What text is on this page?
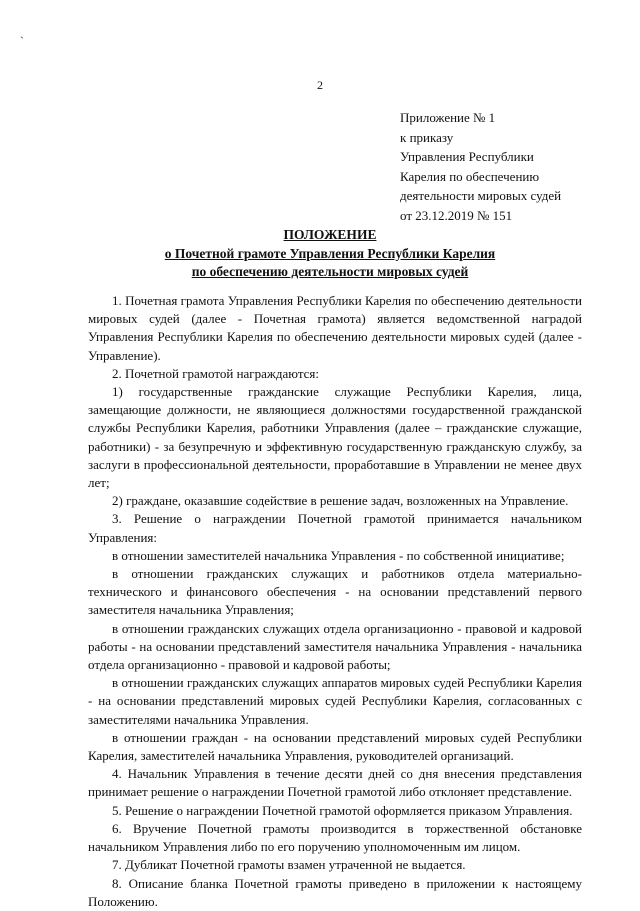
`
2
Приложение № 1
к приказу
Управления Республики
Карелия по обеспечению
деятельности мировых судей
от 23.12.2019 № 151
ПОЛОЖЕНИЕ
о Почетной грамоте Управления Республики Карелия
по обеспечению деятельности мировых судей

1. Почетная грамота Управления Республики Карелия по обеспечению деятельности мировых судей (далее - Почетная грамота) является ведомственной наградой Управления Республики Карелия по обеспечению деятельности мировых судей (далее - Управление).

2. Почетной грамотой награждаются:

1) государственные гражданские служащие Республики Карелия, лица, замещающие должности, не являющиеся должностями государственной гражданской службы Республики Карелия, работники Управления (далее – гражданские служащие, работники) - за безупречную и эффективную государственную гражданскую службу, за заслуги в профессиональной деятельности, проработавшие в Управлении не менее двух лет;

2) граждане, оказавшие содействие в решение задач, возложенных на Управление.

3. Решение о награждении Почетной грамотой принимается начальником Управления:

в отношении заместителей начальника Управления - по собственной инициативе;

в отношении гражданских служащих и работников отдела материально-технического и финансового обеспечения - на основании представлений первого заместителя начальника Управления;

в отношении гражданских служащих отдела организационно - правовой и кадровой работы - на основании представлений заместителя начальника Управления - начальника отдела организационно - правовой и кадровой работы;

в отношении гражданских служащих аппаратов мировых судей Республики Карелия - на основании представлений мировых судей Республики Карелия, согласованных с заместителями начальника Управления.

в отношении граждан - на основании представлений мировых судей Республики Карелия, заместителей начальника Управления, руководителей организаций.

4. Начальник Управления в течение десяти дней со дня внесения представления принимает решение о награждении Почетной грамотой либо отклоняет представление.

5. Решение о награждении Почетной грамотой оформляется приказом Управления.

6. Вручение Почетной грамоты производится в торжественной обстановке начальником Управления либо по его поручению уполномоченным им лицом.

7. Дубликат Почетной грамоты взамен утраченной не выдается.

8. Описание бланка Почетной грамоты приведено в приложении к настоящему Положению.
